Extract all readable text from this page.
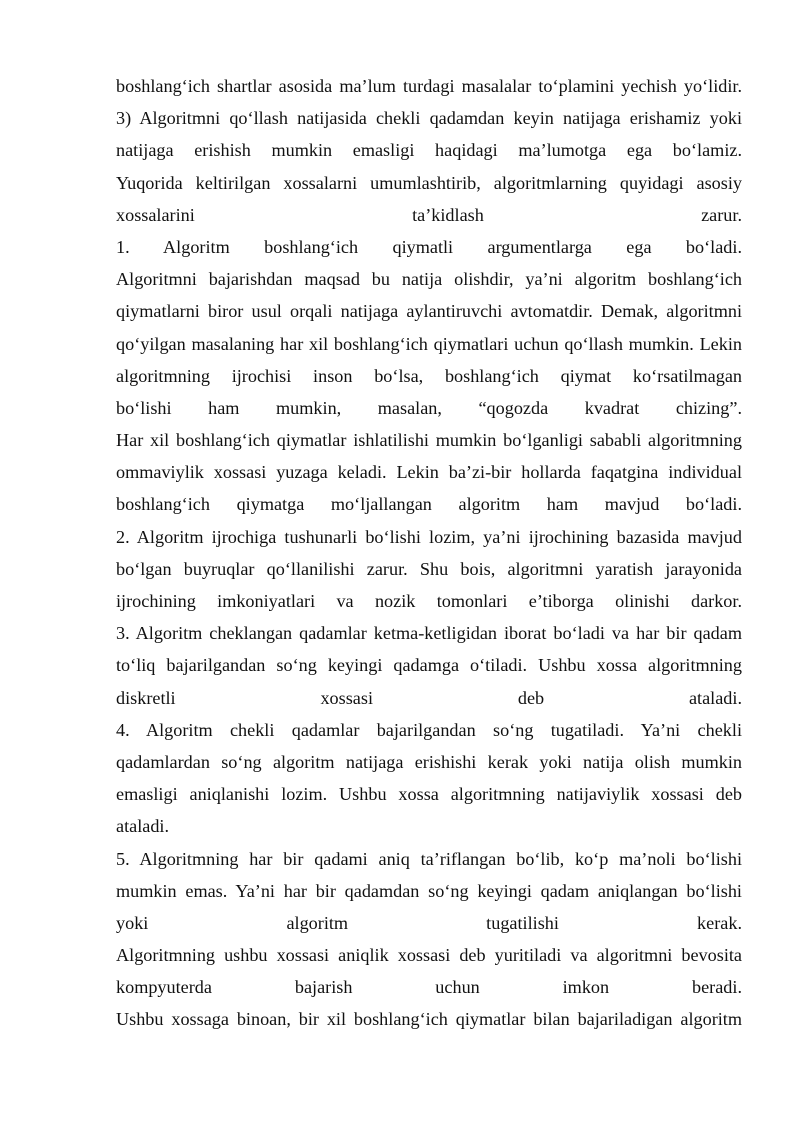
boshlang‘ich shartlar asosida ma’lum turdagi masalalar to‘plamini yechish yo‘lidir.
3) Algoritmni qo‘llash natijasida chekli qadamdan keyin natijaga erishamiz yoki
natijaga erishish mumkin emasligi haqidagi ma’lumotga ega bo‘lamiz.
Yuqorida keltirilgan xossalarni umumlashtirib, algoritmlarning quyidagi asosiy
xossalarini ta’kidlash zarur.
1. Algoritm boshlang‘ich qiymatli argumentlarga ega bo‘ladi.
Algoritmni bajarishdan maqsad bu natija olishdir, ya’ni algoritm boshlang‘ich
qiymatlarni biror usul orqali natijaga aylantiruvchi avtomatdir. Demak, algoritmni
qo‘yilgan masalaning har xil boshlang‘ich qiymatlari uchun qo‘llash mumkin. Lekin
algoritmning ijrochisi inson bo‘lsa, boshlang‘ich qiymat ko‘rsatilmagan
bo‘lishi ham mumkin, masalan, “qogozda kvadrat chizing”.
Har xil boshlang‘ich qiymatlar ishlatilishi mumkin bo‘lganligi sababli algoritmning
ommaviylik xossasi yuzaga keladi. Lekin ba’zi-bir hollarda faqatgina individual
boshlang‘ich qiymatga mo‘ljallangan algoritm ham mavjud bo‘ladi.
2. Algoritm ijrochiga tushunarli bo‘lishi lozim, ya’ni ijrochining bazasida mavjud
bo‘lgan buyruqlar qo‘llanilishi zarur. Shu bois, algoritmni yaratish jarayonida
ijrochining imkoniyatlari va nozik tomonlari e’tiborga olinishi darkor.
3. Algoritm cheklangan qadamlar ketma-ketligidan iborat bo‘ladi va har bir qadam
to‘liq bajarilgandan so‘ng keyingi qadamga o‘tiladi. Ushbu xossa algoritmning
diskretli xossasi deb ataladi.
4. Algoritm chekli qadamlar bajarilgandan so‘ng tugatiladi. Ya’ni chekli
qadamlardan so‘ng algoritm natijaga erishishi kerak yoki natija olish mumkin
emasligi aniqlanishi lozim. Ushbu xossa algoritmning natijaviylik xossasi deb
ataladi.
5. Algoritmning har bir qadami aniq ta’riflangan bo‘lib, ko‘p ma’noli bo‘lishi
mumkin emas. Ya’ni har bir qadamdan so‘ng keyingi qadam aniqlangan bo‘lishi
yoki algoritm tugatilishi kerak.
Algoritmning ushbu xossasi aniqlik xossasi deb yuritiladi va algoritmni bevosita
kompyuterda bajarish uchun imkon beradi.
Ushbu xossaga binoan, bir xil boshlang‘ich qiymatlar bilan bajariladigan algoritm
